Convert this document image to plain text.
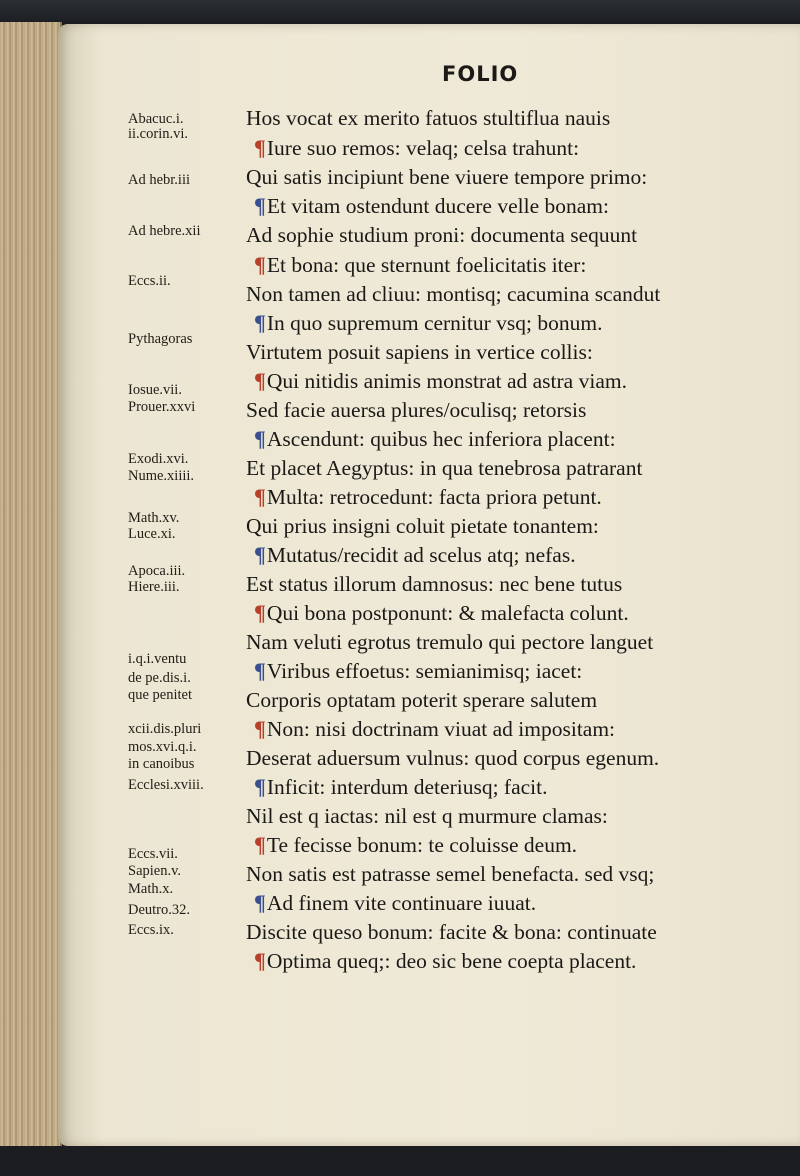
FOLIO
Abacuc.i.
ii.corin.vi.
Ad hebr.iii
Ad hebre.xii
Eccs.ii.
Pythagoras
Iosue.vii.
Prouer.xxvi
Exodi.xvi.
Nume.xiiii.
Math.xv.
Luce.xi.
Apoca.iii.
Hiere.iii.
i.q.i.ventu
de pe.dis.i.
que penitet
xcii.dis.pluri
mos.xvi.q.i.
in canoibus
Ecclesi.xviii.
Eccs.vii.
Sapien.v.
Math.x.
Deutro.32.
Eccs.ix.
Hos vocat ex merito fatuos stultiflua nauis
¶Iure suo remos: velaq; celsa trahunt:
Qui satis incipiunt bene viuere tempore primo:
¶Et vitam ostendunt ducere velle bonam:
Ad sophie studium proni: documenta sequunt
¶Et bona: que sternunt foelicitatis iter:
Non tamen ad cliuu: montisq; cacumina scandut
¶In quo supremum cernitur vsq; bonum.
Virtutem posuit sapiens in vertice collis:
¶Qui nitidis animis monstrat ad astra viam.
Sed facie auersa plures/oculisq; retorsis
¶Ascendunt: quibus hec inferiora placent:
Et placet Aegyptus: in qua tenebrosa patrarant
¶Multa: retrocedunt: facta priora petunt.
Qui prius insigni coluit pietate tonantem:
¶Mutatus/recidit ad scelus atq; nefas.
Est status illorum damnosus: nec bene tutus
¶Qui bona postponunt: & malefacta colunt.
Nam veluti egrotus tremulo qui pectore languet
¶Viribus effoetus: semianimisq; iacet:
Corporis optatam poterit sperare salutem
¶Non: nisi doctrinam viuat ad impositam:
Deserat aduersum vulnus: quod corpus egenum.
¶Inficit: interdum deteriusq; facit.
Nil est q iactas: nil est q murmure clamas:
¶Te fecisse bonum: te coluisse deum.
Non satis est patrasse semel benefacta. sed vsq;
¶Ad finem vite continuare iuuat.
Discite queso bonum: facite & bona: continuate
¶Optima queq;: deo sic bene coepta placent.
